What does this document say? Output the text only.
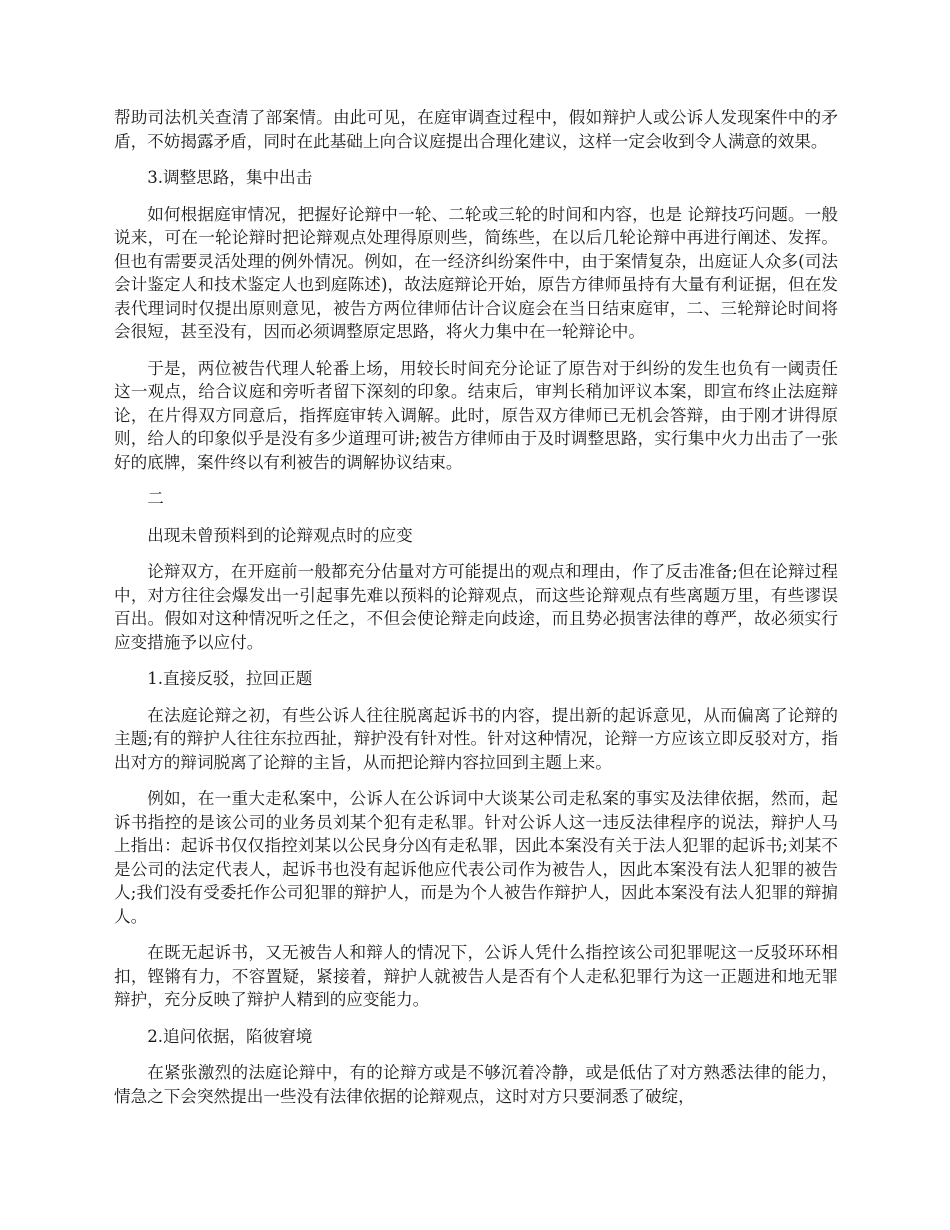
帮助司法机关查清了部案情。由此可见，在庭审调查过程中，假如辩护人或公诉人发现案件中的矛盾，不妨揭露矛盾，同时在此基础上向合议庭提出合理化建议，这样一定会收到令人满意的效果。

3.调整思路，集中出击

如何根据庭审情况，把握好论辩中一轮、二轮或三轮的时间和内容，也是 论辩技巧问题。一般说来，可在一轮论辩时把论辩观点处理得原则些，简练些，在以后几轮论辩中再进行阐述、发挥。但也有需要灵活处理的例外情况。例如，在一经济纠纷案件中，由于案情复杂，出庭证人众多(司法会计鉴定人和技术鉴定人也到庭陈述)，故法庭辩论开始，原告方律师虽持有大量有利证据，但在发表代理词时仅提出原则意见，被告方两位律师估计合议庭会在当日结束庭审，二、三轮辩论时间将会很短，甚至没有，因而必须调整原定思路，将火力集中在一轮辩论中。

于是，两位被告代理人轮番上场，用较长时间充分论证了原告对于纠纷的发生也负有一阈责任这一观点，给合议庭和旁听者留下深刻的印象。结束后，审判长稍加评议本案，即宣布终止法庭辩论，在片得双方同意后，指挥庭审转入调解。此时，原告双方律师已无机会答辩，由于刚才讲得原则，给人的印象似乎是没有多少道理可讲;被告方律师由于及时调整思路，实行集中火力出击了一张好的底牌，案件终以有利被告的调解协议结束。

二

出现未曾预料到的论辩观点时的应变

论辩双方，在开庭前一般都充分估量对方可能提出的观点和理由，作了反击准备;但在论辩过程中，对方往往会爆发出一引起事先难以预料的论辩观点，而这些论辩观点有些离题万里，有些谬误百出。假如对这种情况听之任之，不但会使论辩走向歧途，而且势必损害法律的尊严，故必须实行应变措施予以应付。

1.直接反驳，拉回正题

在法庭论辩之初，有些公诉人往往脱离起诉书的内容，提出新的起诉意见，从而偏离了论辩的主题;有的辩护人往往东拉西扯，辩护没有针对性。针对这种情况，论辩一方应该立即反驳对方，指出对方的辩词脱离了论辩的主旨，从而把论辩内容拉回到主题上来。

例如，在一重大走私案中，公诉人在公诉词中大谈某公司走私案的事实及法律依据，然而，起诉书指控的是该公司的业务员刘某个犯有走私罪。针对公诉人这一违反法律程序的说法，辩护人马上指出：起诉书仅仅指控刘某以公民身分凶有走私罪，因此本案没有关于法人犯罪的起诉书;刘某不是公司的法定代表人，起诉书也没有起诉他应代表公司作为被告人，因此本案没有法人犯罪的被告人;我们没有受委托作公司犯罪的辩护人，而是为个人被告作辩护人，因此本案没有法人犯罪的辩掮 人。

在既无起诉书，又无被告人和辩人的情况下，公诉人凭什么指控该公司犯罪呢这一反驳环环相扣，铿锵有力，不容置疑，紧接着，辩护人就被告人是否有个人走私犯罪行为这一正题进和地无罪辩护，充分反映了辩护人精到的应变能力。

2.追问依据，陷彼窘境

在紧张激烈的法庭论辩中，有的论辩方或是不够沉着冷静，或是低估了对方熟悉法律的能力，情急之下会突然提出一些没有法律依据的论辩观点，这时对方只要洞悉了破绽，
